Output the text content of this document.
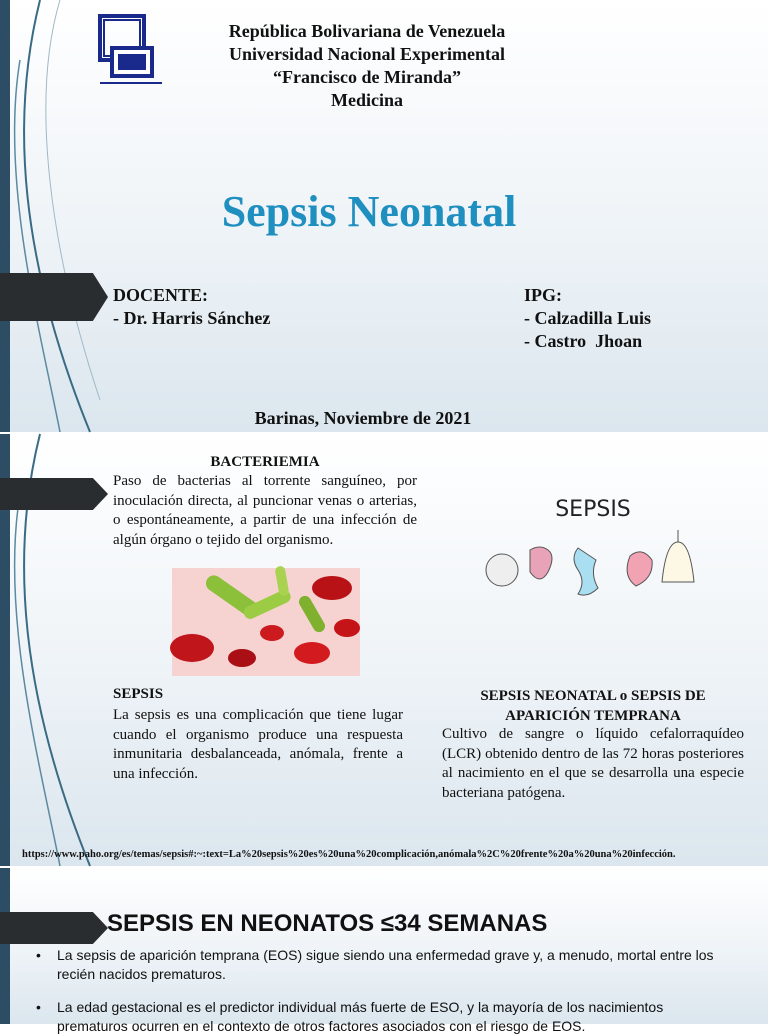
República Bolivariana de Venezuela
Universidad Nacional Experimental
“Francisco de Miranda”
Medicina
Sepsis Neonatal
DOCENTE:
- Dr. Harris Sánchez
IPG:
- Calzadilla Luis
- Castro  Jhoan
Barinas, Noviembre de 2021
BACTERIEMIA
Paso de bacterias al torrente sanguíneo, por inoculación directa, al puncionar venas o arterias, o espontáneamente, a partir de una infección de algún órgano o tejido del organismo.
SEPSIS
SEPSIS
La sepsis es una complicación que tiene lugar cuando el organismo produce una respuesta inmunitaria desbalanceada, anómala, frente a una infección.
SEPSIS NEONATAL o SEPSIS DE
APARICIÓN TEMPRANA
Cultivo de sangre o líquido cefalorraquídeo (LCR) obtenido dentro de las 72 horas posteriores al nacimiento en el que se desarrolla una especie bacteriana patógena.
https://www.paho.org/es/temas/sepsis#:~:text=La%20sepsis%20es%20una%20complicación,anómala%2C%20frente%20a%20una%20infección.
SEPSIS EN NEONATOS ≤34 SEMANAS
• La sepsis de aparición temprana (EOS) sigue siendo una enfermedad grave y, a menudo, mortal entre los recién nacidos prematuros.
• La edad gestacional es el predictor individual más fuerte de ESO, y la mayoría de los nacimientos prematuros ocurren en el contexto de otros factores asociados con el riesgo de EOS.
